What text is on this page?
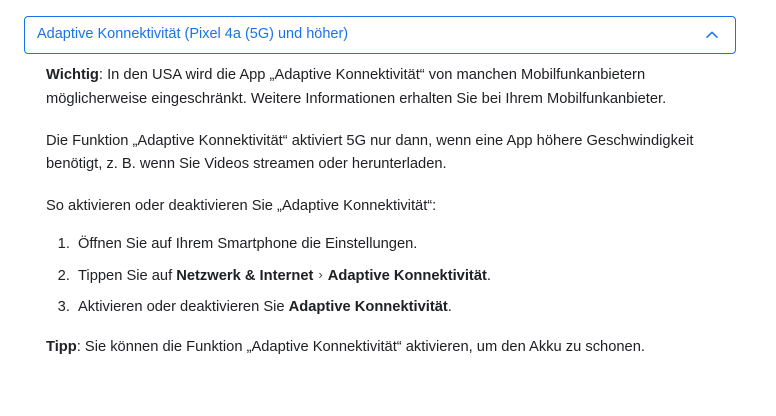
Adaptive Konnektivität (Pixel 4a (5G) und höher)

Wichtig: In den USA wird die App „Adaptive Konnektivität“ von manchen Mobilfunkanbietern möglicherweise eingeschränkt. Weitere Informationen erhalten Sie bei Ihrem Mobilfunkanbieter.

Die Funktion „Adaptive Konnektivität“ aktiviert 5G nur dann, wenn eine App höhere Geschwindigkeit benötigt, z. B. wenn Sie Videos streamen oder herunterladen.

So aktivieren oder deaktivieren Sie „Adaptive Konnektivität“:

1. Öffnen Sie auf Ihrem Smartphone die Einstellungen.
2. Tippen Sie auf Netzwerk & Internet › Adaptive Konnektivität.
3. Aktivieren oder deaktivieren Sie Adaptive Konnektivität.

Tipp: Sie können die Funktion „Adaptive Konnektivität“ aktivieren, um den Akku zu schonen.
